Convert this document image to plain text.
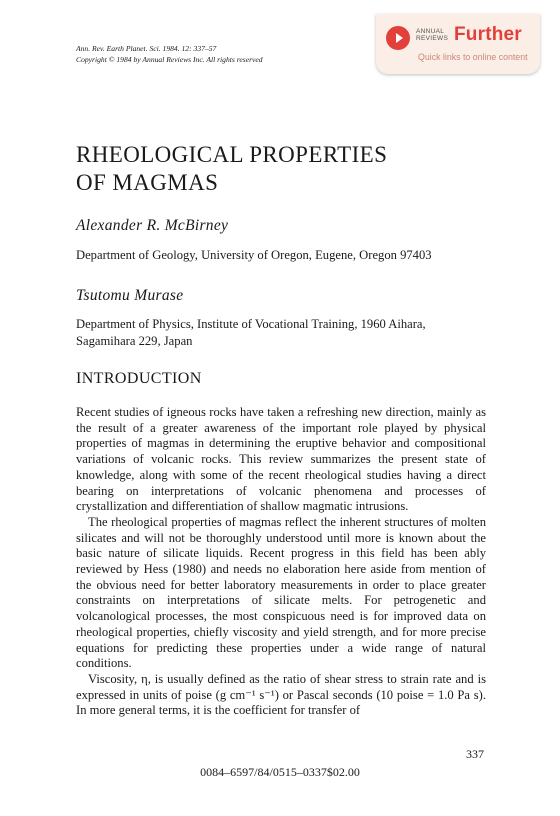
Ann. Rev. Earth Planet. Sci. 1984. 12: 337–57
Copyright © 1984 by Annual Reviews Inc. All rights reserved
ANNUAL
REVIEWS Further
Quick links to online content
RHEOLOGICAL PROPERTIES
OF MAGMAS
Alexander R. McBirney
Department of Geology, University of Oregon, Eugene, Oregon 97403
Tsutomu Murase
Department of Physics, Institute of Vocational Training, 1960 Aihara, Sagamihara 229, Japan
INTRODUCTION

Recent studies of igneous rocks have taken a refreshing new direction, mainly as the result of a greater awareness of the important role played by physical properties of magmas in determining the eruptive behavior and compositional variations of volcanic rocks. This review summarizes the present state of knowledge, along with some of the recent rheological studies having a direct bearing on interpretations of volcanic phenomena and processes of crystallization and differentiation of shallow magmatic intrusions.

The rheological properties of magmas reflect the inherent structures of molten silicates and will not be thoroughly understood until more is known about the basic nature of silicate liquids. Recent progress in this field has been ably reviewed by Hess (1980) and needs no elaboration here aside from mention of the obvious need for better laboratory measurements in order to place greater constraints on interpretations of silicate melts. For petrogenetic and volcanological processes, the most conspicuous need is for improved data on rheological properties, chiefly viscosity and yield strength, and for more precise equations for predicting these properties under a wide range of natural conditions.

Viscosity, η, is usually defined as the ratio of shear stress to strain rate and is expressed in units of poise (g cm⁻¹ s⁻¹) or Pascal seconds (10 poise = 1.0 Pa s). In more general terms, it is the coefficient for transfer of

337
0084–6597/84/0515–0337$02.00
